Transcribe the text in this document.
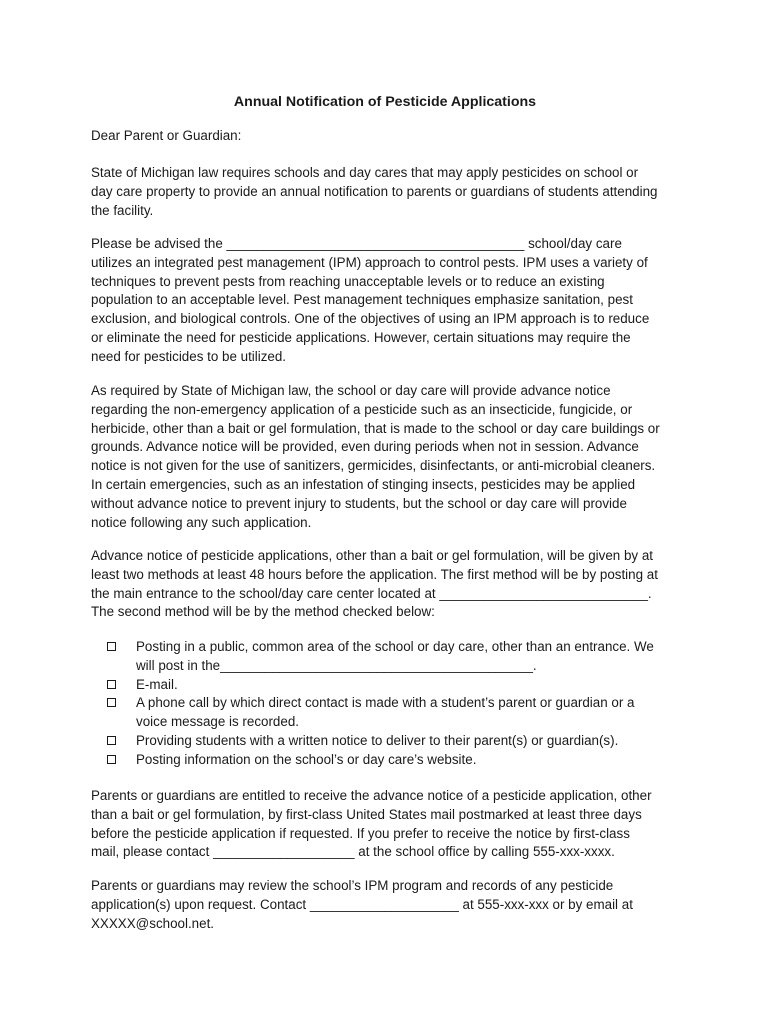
Annual Notification of Pesticide Applications

Dear Parent or Guardian:

State of Michigan law requires schools and day cares that may apply pesticides on school or
day care property to provide an annual notification to parents or guardians of students attending
the facility.

Please be advised the ________________________________________ school/day care
utilizes an integrated pest management (IPM) approach to control pests. IPM uses a variety of
techniques to prevent pests from reaching unacceptable levels or to reduce an existing
population to an acceptable level. Pest management techniques emphasize sanitation, pest
exclusion, and biological controls. One of the objectives of using an IPM approach is to reduce
or eliminate the need for pesticide applications. However, certain situations may require the
need for pesticides to be utilized.

As required by State of Michigan law, the school or day care will provide advance notice
regarding the non-emergency application of a pesticide such as an insecticide, fungicide, or
herbicide, other than a bait or gel formulation, that is made to the school or day care buildings or
grounds. Advance notice will be provided, even during periods when not in session. Advance
notice is not given for the use of sanitizers, germicides, disinfectants, or anti-microbial cleaners.
In certain emergencies, such as an infestation of stinging insects, pesticides may be applied
without advance notice to prevent injury to students, but the school or day care will provide
notice following any such application.

Advance notice of pesticide applications, other than a bait or gel formulation, will be given by at
least two methods at least 48 hours before the application. The first method will be by posting at
the main entrance to the school/day care center located at ____________________________.
The second method will be by the method checked below:

Posting in a public, common area of the school or day care, other than an entrance. We
will post in the__________________________________________.
E-mail.
A phone call by which direct contact is made with a student’s parent or guardian or a
voice message is recorded.
Providing students with a written notice to deliver to their parent(s) or guardian(s).
Posting information on the school’s or day care’s website.

Parents or guardians are entitled to receive the advance notice of a pesticide application, other
than a bait or gel formulation, by first-class United States mail postmarked at least three days
before the pesticide application if requested. If you prefer to receive the notice by first-class
mail, please contact ___________________ at the school office by calling 555-xxx-xxxx.

Parents or guardians may review the school’s IPM program and records of any pesticide
application(s) upon request. Contact ____________________ at 555-xxx-xxx or by email at
XXXXX@school.net.
